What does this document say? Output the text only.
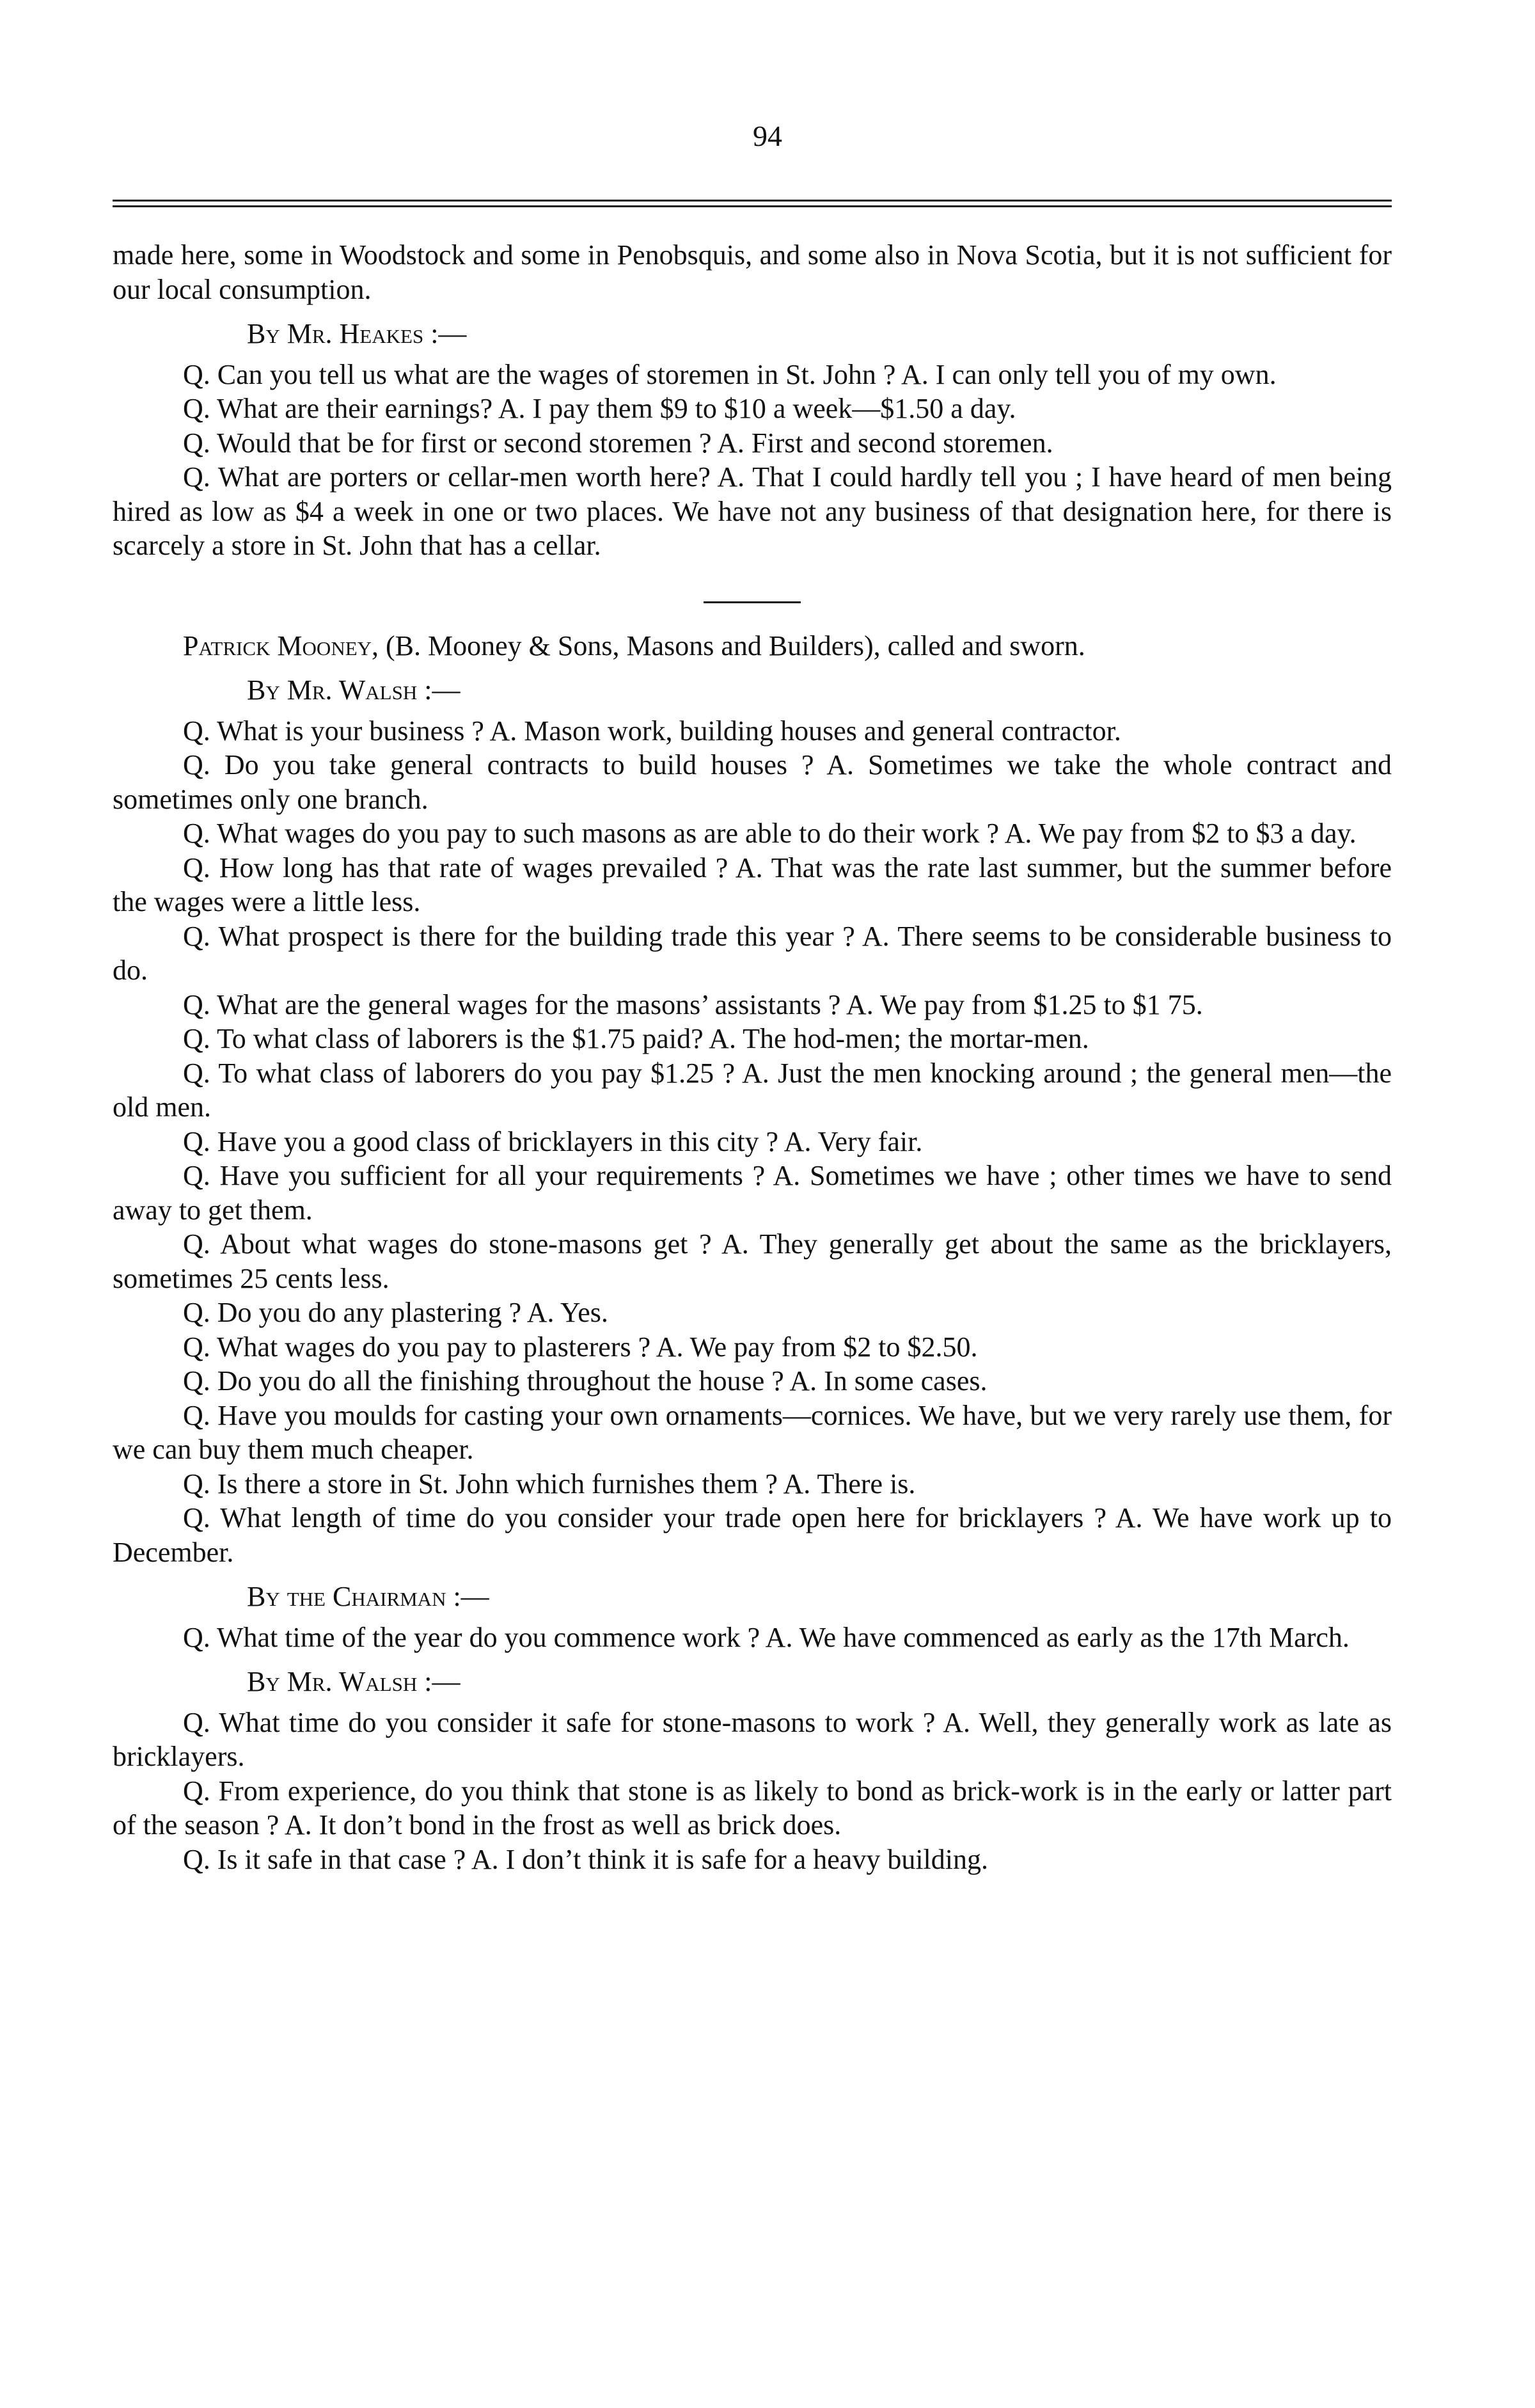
94

made here, some in Woodstock and some in Penobsquis, and some also in Nova Scotia, but it is not sufficient for our local consumption.

By Mr. Heakes :—

Q. Can you tell us what are the wages of storemen in St. John ? A. I can only tell you of my own.

Q. What are their earnings? A. I pay them $9 to $10 a week—$1.50 a day.

Q. Would that be for first or second storemen ? A. First and second storemen.

Q. What are porters or cellar-men worth here? A. That I could hardly tell you ; I have heard of men being hired as low as $4 a week in one or two places. We have not any business of that designation here, for there is scarcely a store in St. John that has a cellar.

Patrick Mooney, (B. Mooney & Sons, Masons and Builders), called and sworn.

By Mr. Walsh :—

Q. What is your business ? A. Mason work, building houses and general contractor.

Q. Do you take general contracts to build houses ? A. Sometimes we take the whole contract and sometimes only one branch.

Q. What wages do you pay to such masons as are able to do their work ? A. We pay from $2 to $3 a day.

Q. How long has that rate of wages prevailed ? A. That was the rate last summer, but the summer before the wages were a little less.

Q. What prospect is there for the building trade this year ? A. There seems to be considerable business to do.

Q. What are the general wages for the masons’ assistants ? A. We pay from $1.25 to $1 75.

Q. To what class of laborers is the $1.75 paid? A. The hod-men; the mortar-men.

Q. To what class of laborers do you pay $1.25 ? A. Just the men knocking around ; the general men—the old men.

Q. Have you a good class of bricklayers in this city ? A. Very fair.

Q. Have you sufficient for all your requirements ? A. Sometimes we have ; other times we have to send away to get them.

Q. About what wages do stone-masons get ? A. They generally get about the same as the bricklayers, sometimes 25 cents less.

Q. Do you do any plastering ? A. Yes.

Q. What wages do you pay to plasterers ? A. We pay from $2 to $2.50.

Q. Do you do all the finishing throughout the house ? A. In some cases.

Q. Have you moulds for casting your own ornaments—cornices. We have, but we very rarely use them, for we can buy them much cheaper.

Q. Is there a store in St. John which furnishes them ? A. There is.

Q. What length of time do you consider your trade open here for bricklayers ? A. We have work up to December.

By the Chairman :—

Q. What time of the year do you commence work ? A. We have commenced as early as the 17th March.

By Mr. Walsh :—

Q. What time do you consider it safe for stone-masons to work ? A. Well, they generally work as late as bricklayers.

Q. From experience, do you think that stone is as likely to bond as brick-work is in the early or latter part of the season ? A. It don’t bond in the frost as well as brick does.

Q. Is it safe in that case ? A. I don’t think it is safe for a heavy building.
